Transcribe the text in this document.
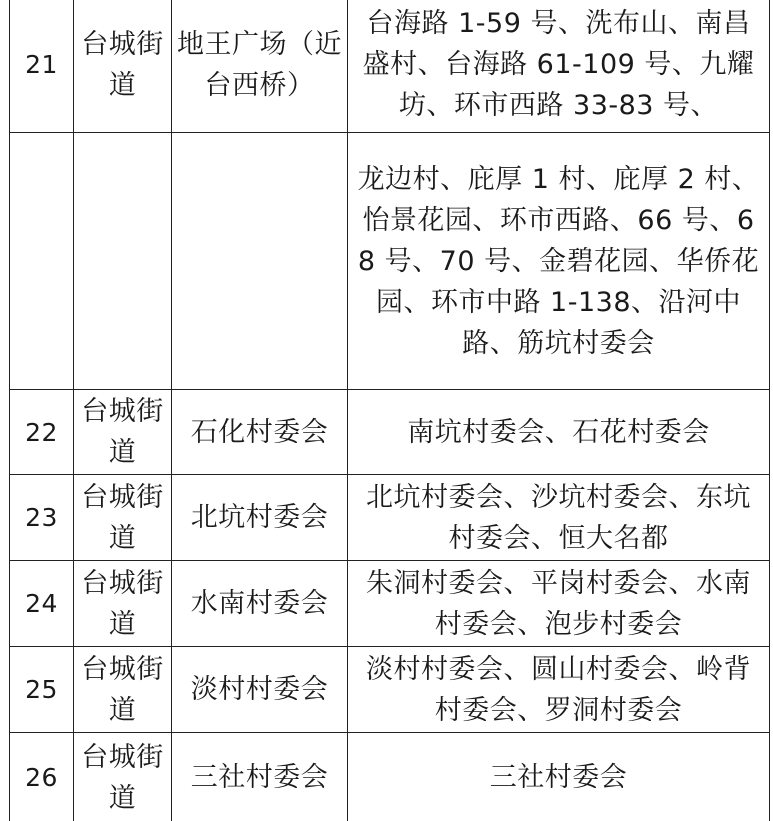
21	台城街道	地王广场（近台西桥）	台海路 1-59 号、洗布山、南昌盛村、台海路 61-109 号、九耀坊、环市西路 33-83 号、
			龙边村、庇厚 1 村、庇厚 2 村、怡景花园、环市西路、66 号、68 号、70 号、金碧花园、华侨花园、环市中路 1-138、沿河中路、筋坑村委会
22	台城街道	石化村委会	南坑村委会、石花村委会
23	台城街道	北坑村委会	北坑村委会、沙坑村委会、东坑村委会、恒大名都
24	台城街道	水南村委会	朱洞村委会、平岗村委会、水南村委会、泡步村委会
25	台城街道	淡村村委会	淡村村委会、圆山村委会、岭背村委会、罗洞村委会
26	台城街道	三社村委会	三社村委会
